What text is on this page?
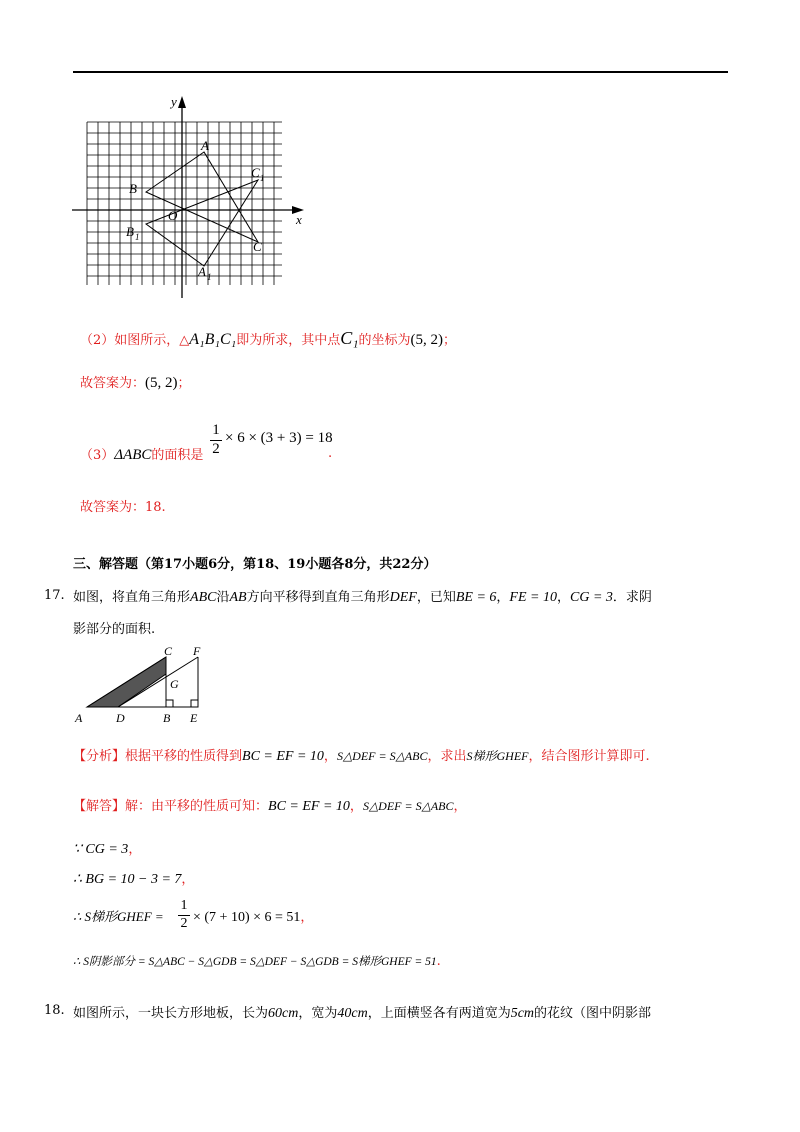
y
x
O
A
B
C
C 1
B 1
A 1
（2）如图所示，△A₁B₁C₁即为所求，其中点C₁的坐标为(5, 2)；
故答案为：(5, 2)；
（3）ΔABC的面积是 $\frac{1}{2} \times 6 \times (3 + 3) = 18$
.
故答案为：18.
三、解答题（第17小题6分，第18、19小题各8分，共22分）
17. 如图，将直角三角形ABC沿AB方向平移得到直角三角形DEF，已知BE = 6，FE = 10，CG = 3．求阴
影部分的面积.
A	D	B E
C F
G
【分析】根据平移的性质得到BC = EF = 10，S△DEF = S△ABC，求出S梯形GHEF，结合图形计算即可.
【解答】解：由平移的性质可知：BC = EF = 10，S△DEF = S△ABC，
∵ CG = 3，
∴ BG = 10 − 3 = 7，
∴ S梯形GHEF = $\frac{1}{2} \times (7 + 10) \times 6 = 51$，
∴ S阴影部分 = S△ABC − S△GDB = S△DEF − S△GDB = S梯形GHEF = 51.
18. 如图所示，一块长方形地板，长为60cm，宽为40cm，上面横竖各有两道宽为5cm的花纹（图中阴影部
